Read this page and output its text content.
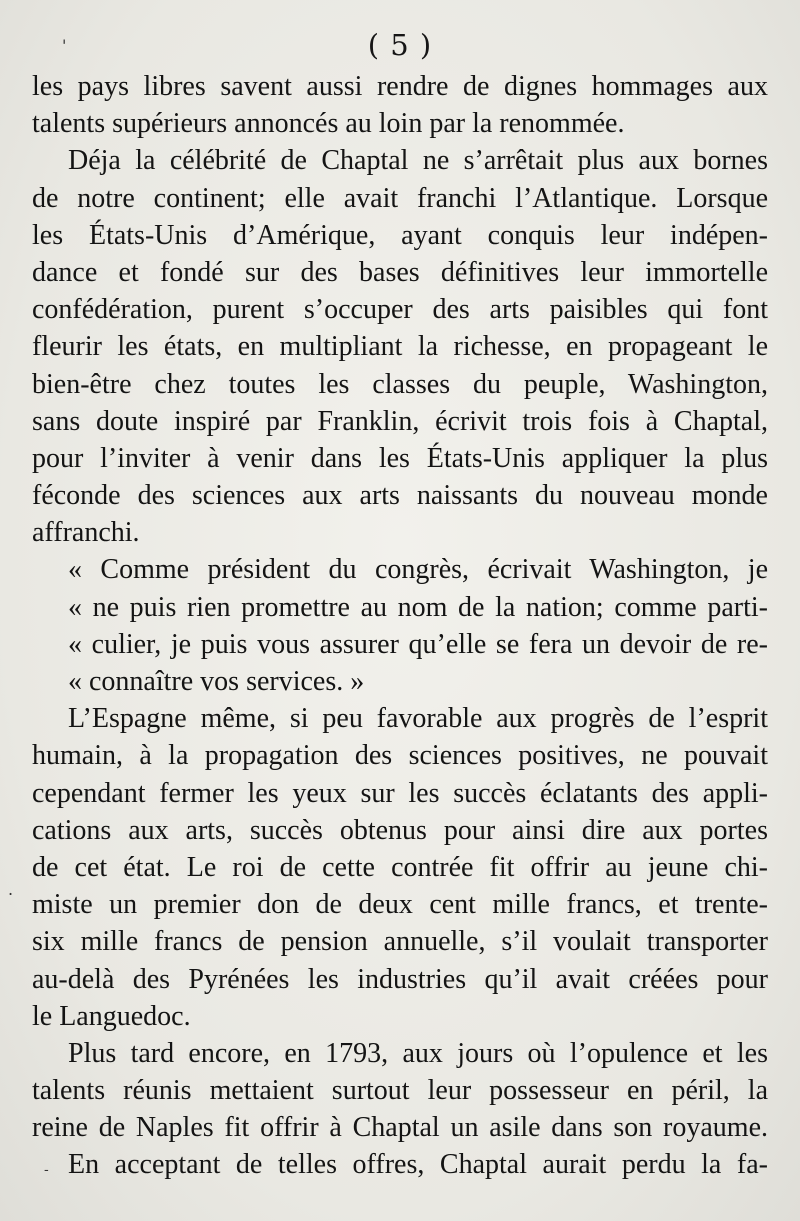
( 5 )
'
.
-
les pays libres savent aussi rendre de dignes hommages aux
talents supérieurs annoncés au loin par la renommée.
Déja la célébrité de Chaptal ne s’arrêtait plus aux bornes
de notre continent; elle avait franchi l’Atlantique. Lorsque
les États-Unis d’Amérique, ayant conquis leur indépen-
dance et fondé sur des bases définitives leur immortelle
confédération, purent s’occuper des arts paisibles qui font
fleurir les états, en multipliant la richesse, en propageant le
bien-être chez toutes les classes du peuple, Washington,
sans doute inspiré par Franklin, écrivit trois fois à Chaptal,
pour l’inviter à venir dans les États-Unis appliquer la plus
féconde des sciences aux arts naissants du nouveau monde
affranchi.
« Comme président du congrès, écrivait Washington, je
« ne puis rien promettre au nom de la nation; comme parti-
« culier, je puis vous assurer qu’elle se fera un devoir de re-
« connaître vos services. »
L’Espagne même, si peu favorable aux progrès de l’esprit
humain, à la propagation des sciences positives, ne pouvait
cependant fermer les yeux sur les succès éclatants des appli-
cations aux arts, succès obtenus pour ainsi dire aux portes
de cet état. Le roi de cette contrée fit offrir au jeune chi-
miste un premier don de deux cent mille francs, et trente-
six mille francs de pension annuelle, s’il voulait transporter
au-delà des Pyrénées les industries qu’il avait créées pour
le Languedoc.
Plus tard encore, en 1793, aux jours où l’opulence et les
talents réunis mettaient surtout leur possesseur en péril, la
reine de Naples fit offrir à Chaptal un asile dans son royaume.
En acceptant de telles offres, Chaptal aurait perdu la fa-
